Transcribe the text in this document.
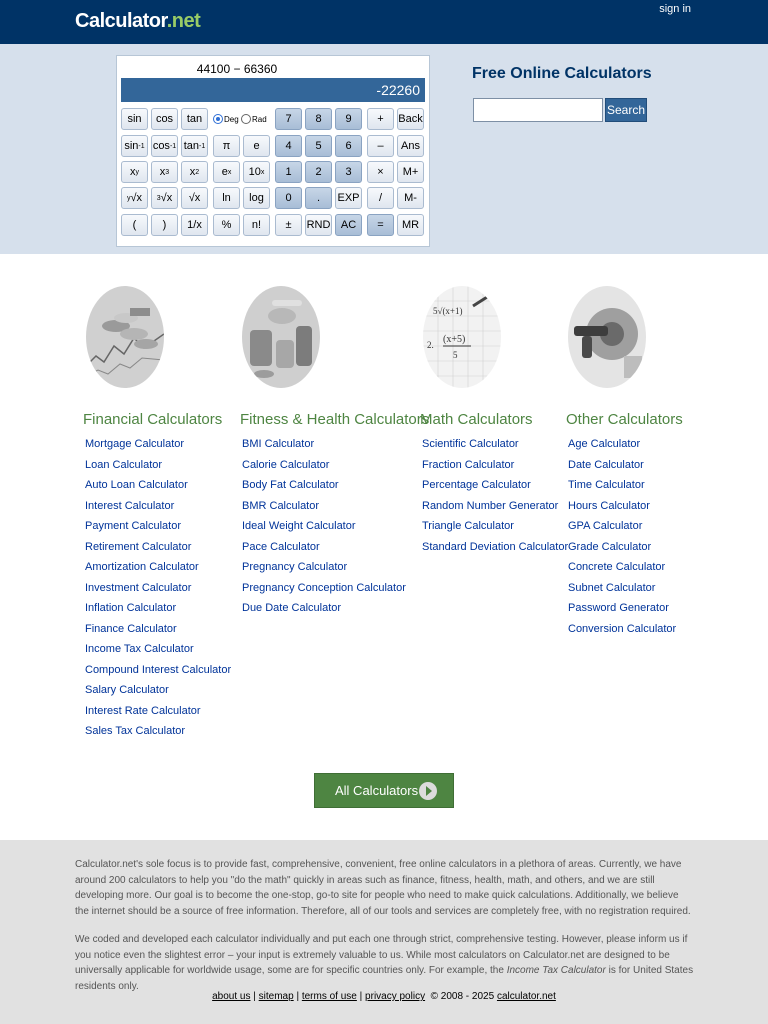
Calculator.net
sign in
44100 − 66360
-22260
sin	cos	tan	7	8	9	+	Back
sin -1 cos -1 tan -1	π	e	4	5	6	–	Ans
x y x 3 x 2 e x 10 x	1	2	3	×	M+
y √x 3 √x	√x	ln	log	0	.	EXP	/	M-
(	)	1/x	%	n!	±	RND AC	=	MR
Deg Rad
Free Online Calculators
Search
5√(x+1)
(x+5)
5
2.
Financial Calculators
Mortgage Calculator
Loan Calculator
Auto Loan Calculator
Interest Calculator
Payment Calculator
Retirement Calculator
Amortization Calculator
Investment Calculator
Inflation Calculator
Finance Calculator
Income Tax Calculator
Compound Interest Calculator
Salary Calculator
Interest Rate Calculator
Sales Tax Calculator
Fitness & Health Calculators
BMI Calculator
Calorie Calculator
Body Fat Calculator
BMR Calculator
Ideal Weight Calculator
Pace Calculator
Pregnancy Calculator
Pregnancy Conception Calculator
Due Date Calculator
Math Calculators
Scientific Calculator
Fraction Calculator
Percentage Calculator
Random Number Generator
Triangle Calculator
Standard Deviation Calculator
Other Calculators
Age Calculator
Date Calculator
Time Calculator
Hours Calculator
GPA Calculator
Grade Calculator
Concrete Calculator
Subnet Calculator
Password Generator
Conversion Calculator
All Calculators

Calculator.net's sole focus is to provide fast, comprehensive, convenient, free online calculators in a plethora of areas. Currently, we have around 200 calculators to help you "do the math" quickly in areas such as finance, fitness, health, math, and others, and we are still developing more. Our goal is to become the one-stop, go-to site for people who need to make quick calculations. Additionally, we believe the internet should be a source of free information. Therefore, all of our tools and services are completely free, with no registration required.

We coded and developed each calculator individually and put each one through strict, comprehensive testing. However, please inform us if you notice even the slightest error – your input is extremely valuable to us. While most calculators on Calculator.net are designed to be universally applicable for worldwide usage, some are for specific countries only. For example, the Income Tax Calculator is for United States residents only.

about us | sitemap | terms of use | privacy policy © 2008 - 2025 calculator.net
